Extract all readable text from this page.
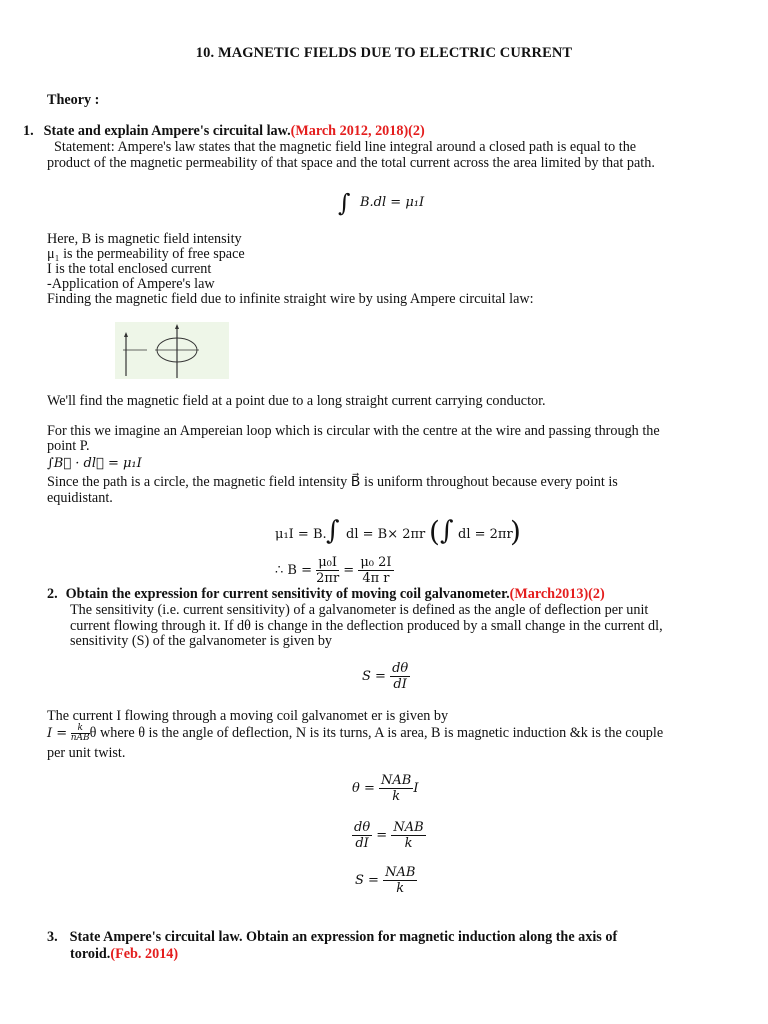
10. MAGNETIC FIELDS DUE TO ELECTRIC CURRENT
Theory :
1. State and explain Ampere's circuital law.(March 2012, 2018)(2)
Statement: Ampere's law states that the magnetic field line integral around a closed path is equal to the
product of the magnetic permeability of that space and the total current across the area limited by that path.
∫ B.dl = μ₁I
Here, B is magnetic field intensity
μ₁ is the permeability of free space
I is the total enclosed current
-Application of Ampere's law
Finding the magnetic field due to infinite straight wire by using Ampere circuital law:
We'll find the magnetic field at a point due to a long straight current carrying conductor.
For this we imagine an Ampereian loop which is circular with the centre at the wire and passing through the
point P.
∫B⃗ · dl⃗ = μ₁I
Since the path is a circle, the magnetic field intensity B⃗ is uniform throughout because every point is
equidistant.
μ₁I = B. ∫ dl = B× 2πr ( ∫ dl = 2πr
)
∴ $B = \frac{\text{μ₀I}}{2\pi r} = \frac{\text{μ₀ 2I}}{\text{4π r}}$
2. Obtain the expression for current sensitivity of moving coil galvanometer.(March2013)(2)
The sensitivity (i.e. current sensitivity) of a galvanometer is defined as the angle of deflection per unit
current flowing through it. If dθ is change in the deflection produced by a small change in the current dl,
sensitivity (S) of the galvanometer is given by
$S = \frac{d\theta}{dI}$
The current I flowing through a moving coil galvanomet er is given by
$I = \frac{k}{\text{nAB}}$ θ where θ is the angle of deflection, N is its turns, A is area, B is magnetic induction &k is the couple
per unit twist.
$\theta = \frac{\text{NAB}}{k}$ I
$\frac{d\theta}{dI} = \frac{\text{NAB}}{k}$
$S = \frac{\text{NAB}}{k}$
3. State Ampere's circuital law. Obtain an expression for magnetic induction along the axis of
toroid.(Feb. 2014)
